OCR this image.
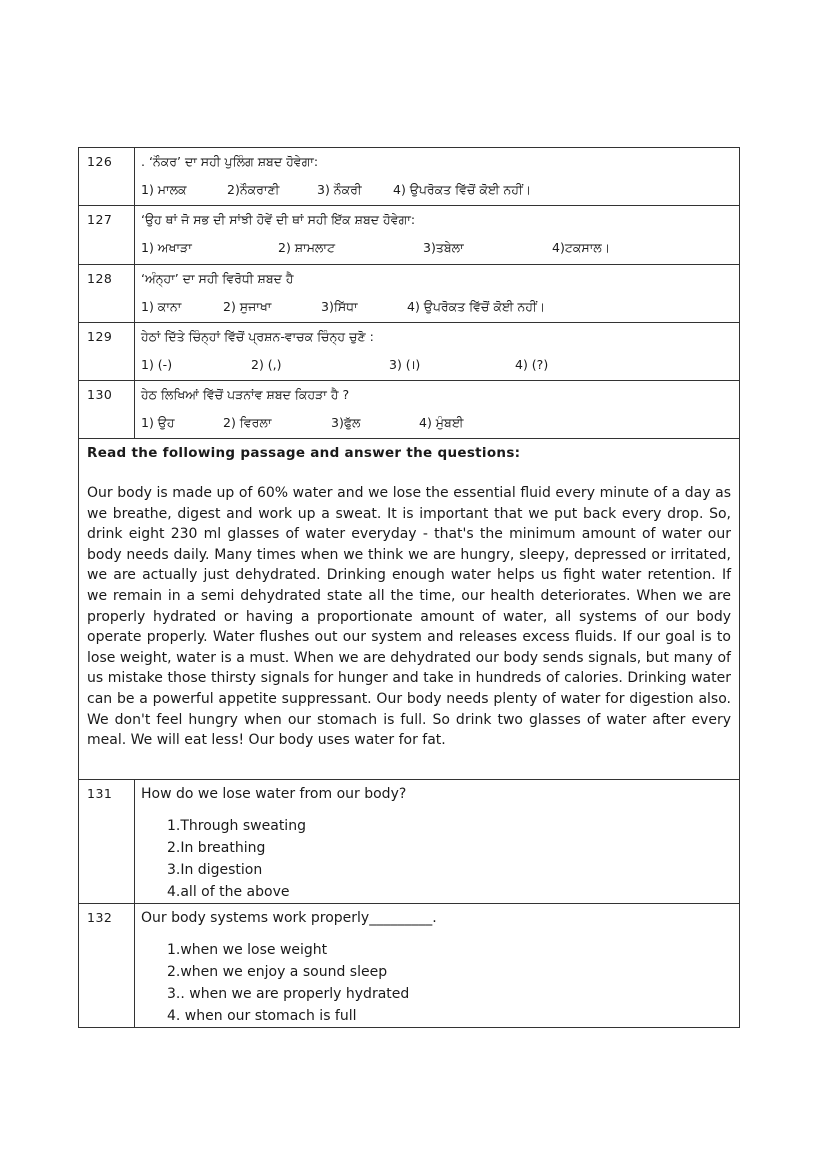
126	. ‘ਨੌਕਰ’ ਦਾ ਸਹੀ ਪੁਲਿੰਗ ਸ਼ਬਦ ਹੋਵੇਗਾ:
1) ਮਾਲਕ 2)ਨੌਕਰਾਣੀ 3) ਨੌਕਰੀ 4) ਉਪਰੋਕਤ ਵਿੱਚੋਂ ਕੋਈ ਨਹੀਂ।

127	‘ਉਹ ਥਾਂ ਜੋ ਸਭ ਦੀ ਸਾਂਝੀ ਹੋਵੇਂ ਦੀ ਥਾਂ ਸਹੀ ਇੱਕ ਸ਼ਬਦ ਹੋਵੇਗਾ:
1) ਅਖਾੜਾ 2) ਸ਼ਾਮਲਾਟ 3)ਤਬੇਲਾ 4)ਟਕਸਾਲ।

128	‘ਅੰਨ੍ਹਾ’ ਦਾ ਸਹੀ ਵਿਰੋਧੀ ਸ਼ਬਦ ਹੈ
1) ਕਾਨਾ 2) ਸੁਜਾਖਾ 3)ਸਿੱਧਾ 4) ਉਪਰੋਕਤ ਵਿੱਚੋਂ ਕੋਈ ਨਹੀਂ।

129	ਹੇਠਾਂ ਦਿੱਤੇ ਚਿੰਨ੍ਹਾਂ ਵਿੱਚੋਂ ਪ੍ਰਸ਼ਨ-ਵਾਚਕ ਚਿੰਨ੍ਹ ਚੁਣੋ :
1) (-) 2) (,) 3) (।) 4) (?)

130	ਹੇਠ ਲਿਖਿਆਂ ਵਿੱਚੋਂ ਪੜਨਾਂਵ ਸ਼ਬਦ ਕਿਹੜਾ ਹੈ ?
1) ਉਹ 2) ਵਿਰਲਾ 3)ਫੁੱਲ 4) ਮੁੰਬਈ

Read the following passage and answer the questions:
Our body is made up of 60% water and we lose the essential fluid every minute of a day as we breathe, digest and work up a sweat. It is important that we put back every drop. So, drink eight 230 ml glasses of water everyday - that's the minimum amount of water our body needs daily. Many times when we think we are hungry, sleepy, depressed or irritated, we are actually just dehydrated. Drinking enough water helps us fight water retention. If we remain in a semi dehydrated state all the time, our health deteriorates. When we are properly hydrated or having a proportionate amount of water, all systems of our body operate properly. Water flushes out our system and releases excess fluids. If our goal is to lose weight, water is a must. When we are dehydrated our body sends signals, but many of us mistake those thirsty signals for hunger and take in hundreds of calories. Drinking water can be a powerful appetite suppressant. Our body needs plenty of water for digestion also. We don't feel hungry when our stomach is full. So drink two glasses of water after every meal. We will eat less! Our body uses water for fat.	

131	How do we lose water from our body?
1.Through sweating
2.In breathing
3.In digestion
4.all of the above

132	Our body systems work properly_________.
1.when we lose weight
2.when we enjoy a sound sleep
3.. when we are properly hydrated
4. when our stomach is full
